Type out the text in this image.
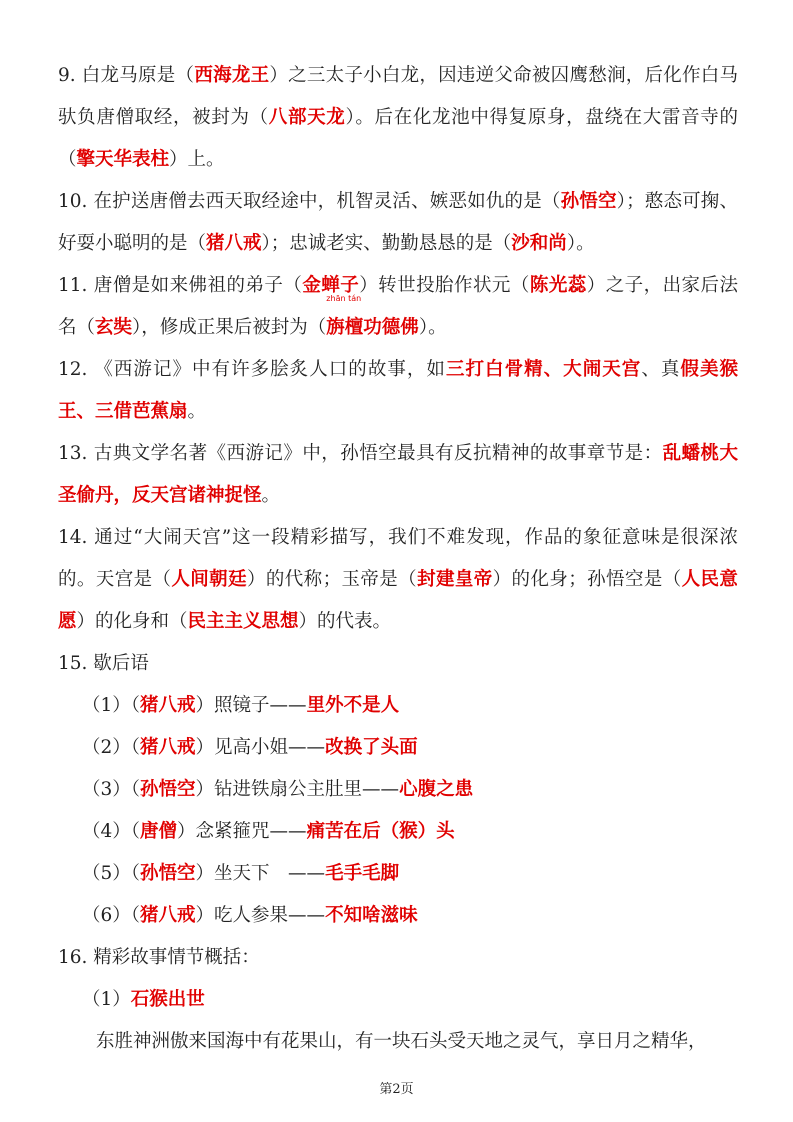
9. 白龙马原是（西海龙王）之三太子小白龙，因违逆父命被囚鹰愁涧，后化作白马驮负唐僧取经，被封为（八部天龙）。后在化龙池中得复原身，盘绕在大雷音寺的（擎天华表柱）上。

10. 在护送唐僧去西天取经途中，机智灵活、嫉恶如仇的是（孙悟空）；憨态可掬、好耍小聪明的是（猪八戒）；忠诚老实、勤勤恳恳的是（沙和尚）。

11. 唐僧是如来佛祖的弟子（金蝉子）转世投胎作状元（陈光蕊）之子，出家后法名（玄奘），修成正果后被封为（
zhān tán
旃檀功德佛）。

12. 《西游记》中有许多脍炙人口的故事，如三打白骨精、大闹天宫、真假美猴王、三借芭蕉扇。

13. 古典文学名著《西游记》中，孙悟空最具有反抗精神的故事章节是：乱蟠桃大圣偷丹，反天宫诸神捉怪。

14. 通过“大闹天宫”这一段精彩描写，我们不难发现，作品的象征意味是很深浓的。天宫是（人间朝廷）的代称；玉帝是（封建皇帝）的化身；孙悟空是（人民意愿）的化身和（民主主义思想）的代表。

15. 歇后语

（1）（猪八戒）照镜子——里外不是人

（2）（猪八戒）见高小姐——改换了头面

（3）（孙悟空）钻进铁扇公主肚里——心腹之患

（4）（唐僧）念紧箍咒——痛苦在后（猴）头

（5）（孙悟空）坐天下　——毛手毛脚

（6）（猪八戒）吃人参果——不知啥滋味

16. 精彩故事情节概括：

（1）石猴出世

东胜神洲傲来国海中有花果山，有一块石头受天地之灵气，享日月之精华，

第2页
